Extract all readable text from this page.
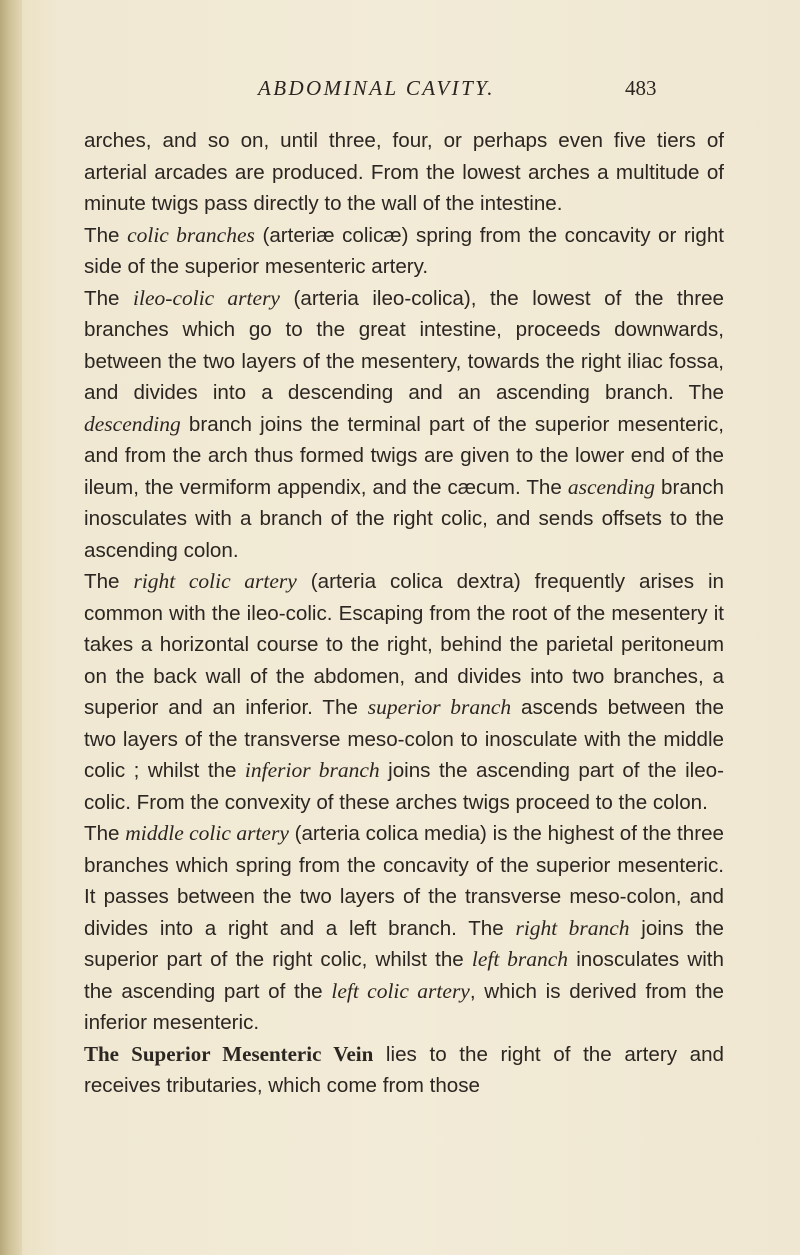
ABDOMINAL CAVITY.	483

arches, and so on, until three, four, or perhaps even five tiers of arterial arcades are produced. From the lowest arches a multitude of minute twigs pass directly to the wall of the intestine.

The colic branches (arteriæ colicæ) spring from the concavity or right side of the superior mesenteric artery.

The ileo-colic artery (arteria ileo-colica), the lowest of the three branches which go to the great intestine, proceeds downwards, between the two layers of the mesentery, towards the right iliac fossa, and divides into a descending and an ascending branch. The descending branch joins the terminal part of the superior mesenteric, and from the arch thus formed twigs are given to the lower end of the ileum, the vermiform appendix, and the cæcum. The ascending branch inosculates with a branch of the right colic, and sends offsets to the ascending colon.

The right colic artery (arteria colica dextra) frequently arises in common with the ileo-colic. Escaping from the root of the mesentery it takes a horizontal course to the right, behind the parietal peritoneum on the back wall of the abdomen, and divides into two branches, a superior and an inferior. The superior branch ascends between the two layers of the transverse meso-colon to inosculate with the middle colic ; whilst the inferior branch joins the ascending part of the ileo-colic. From the convexity of these arches twigs proceed to the colon.

The middle colic artery (arteria colica media) is the highest of the three branches which spring from the concavity of the superior mesenteric. It passes between the two layers of the transverse meso-colon, and divides into a right and a left branch. The right branch joins the superior part of the right colic, whilst the left branch inosculates with the ascending part of the left colic artery, which is derived from the inferior mesenteric.

The Superior Mesenteric Vein lies to the right of the artery and receives tributaries, which come from those
